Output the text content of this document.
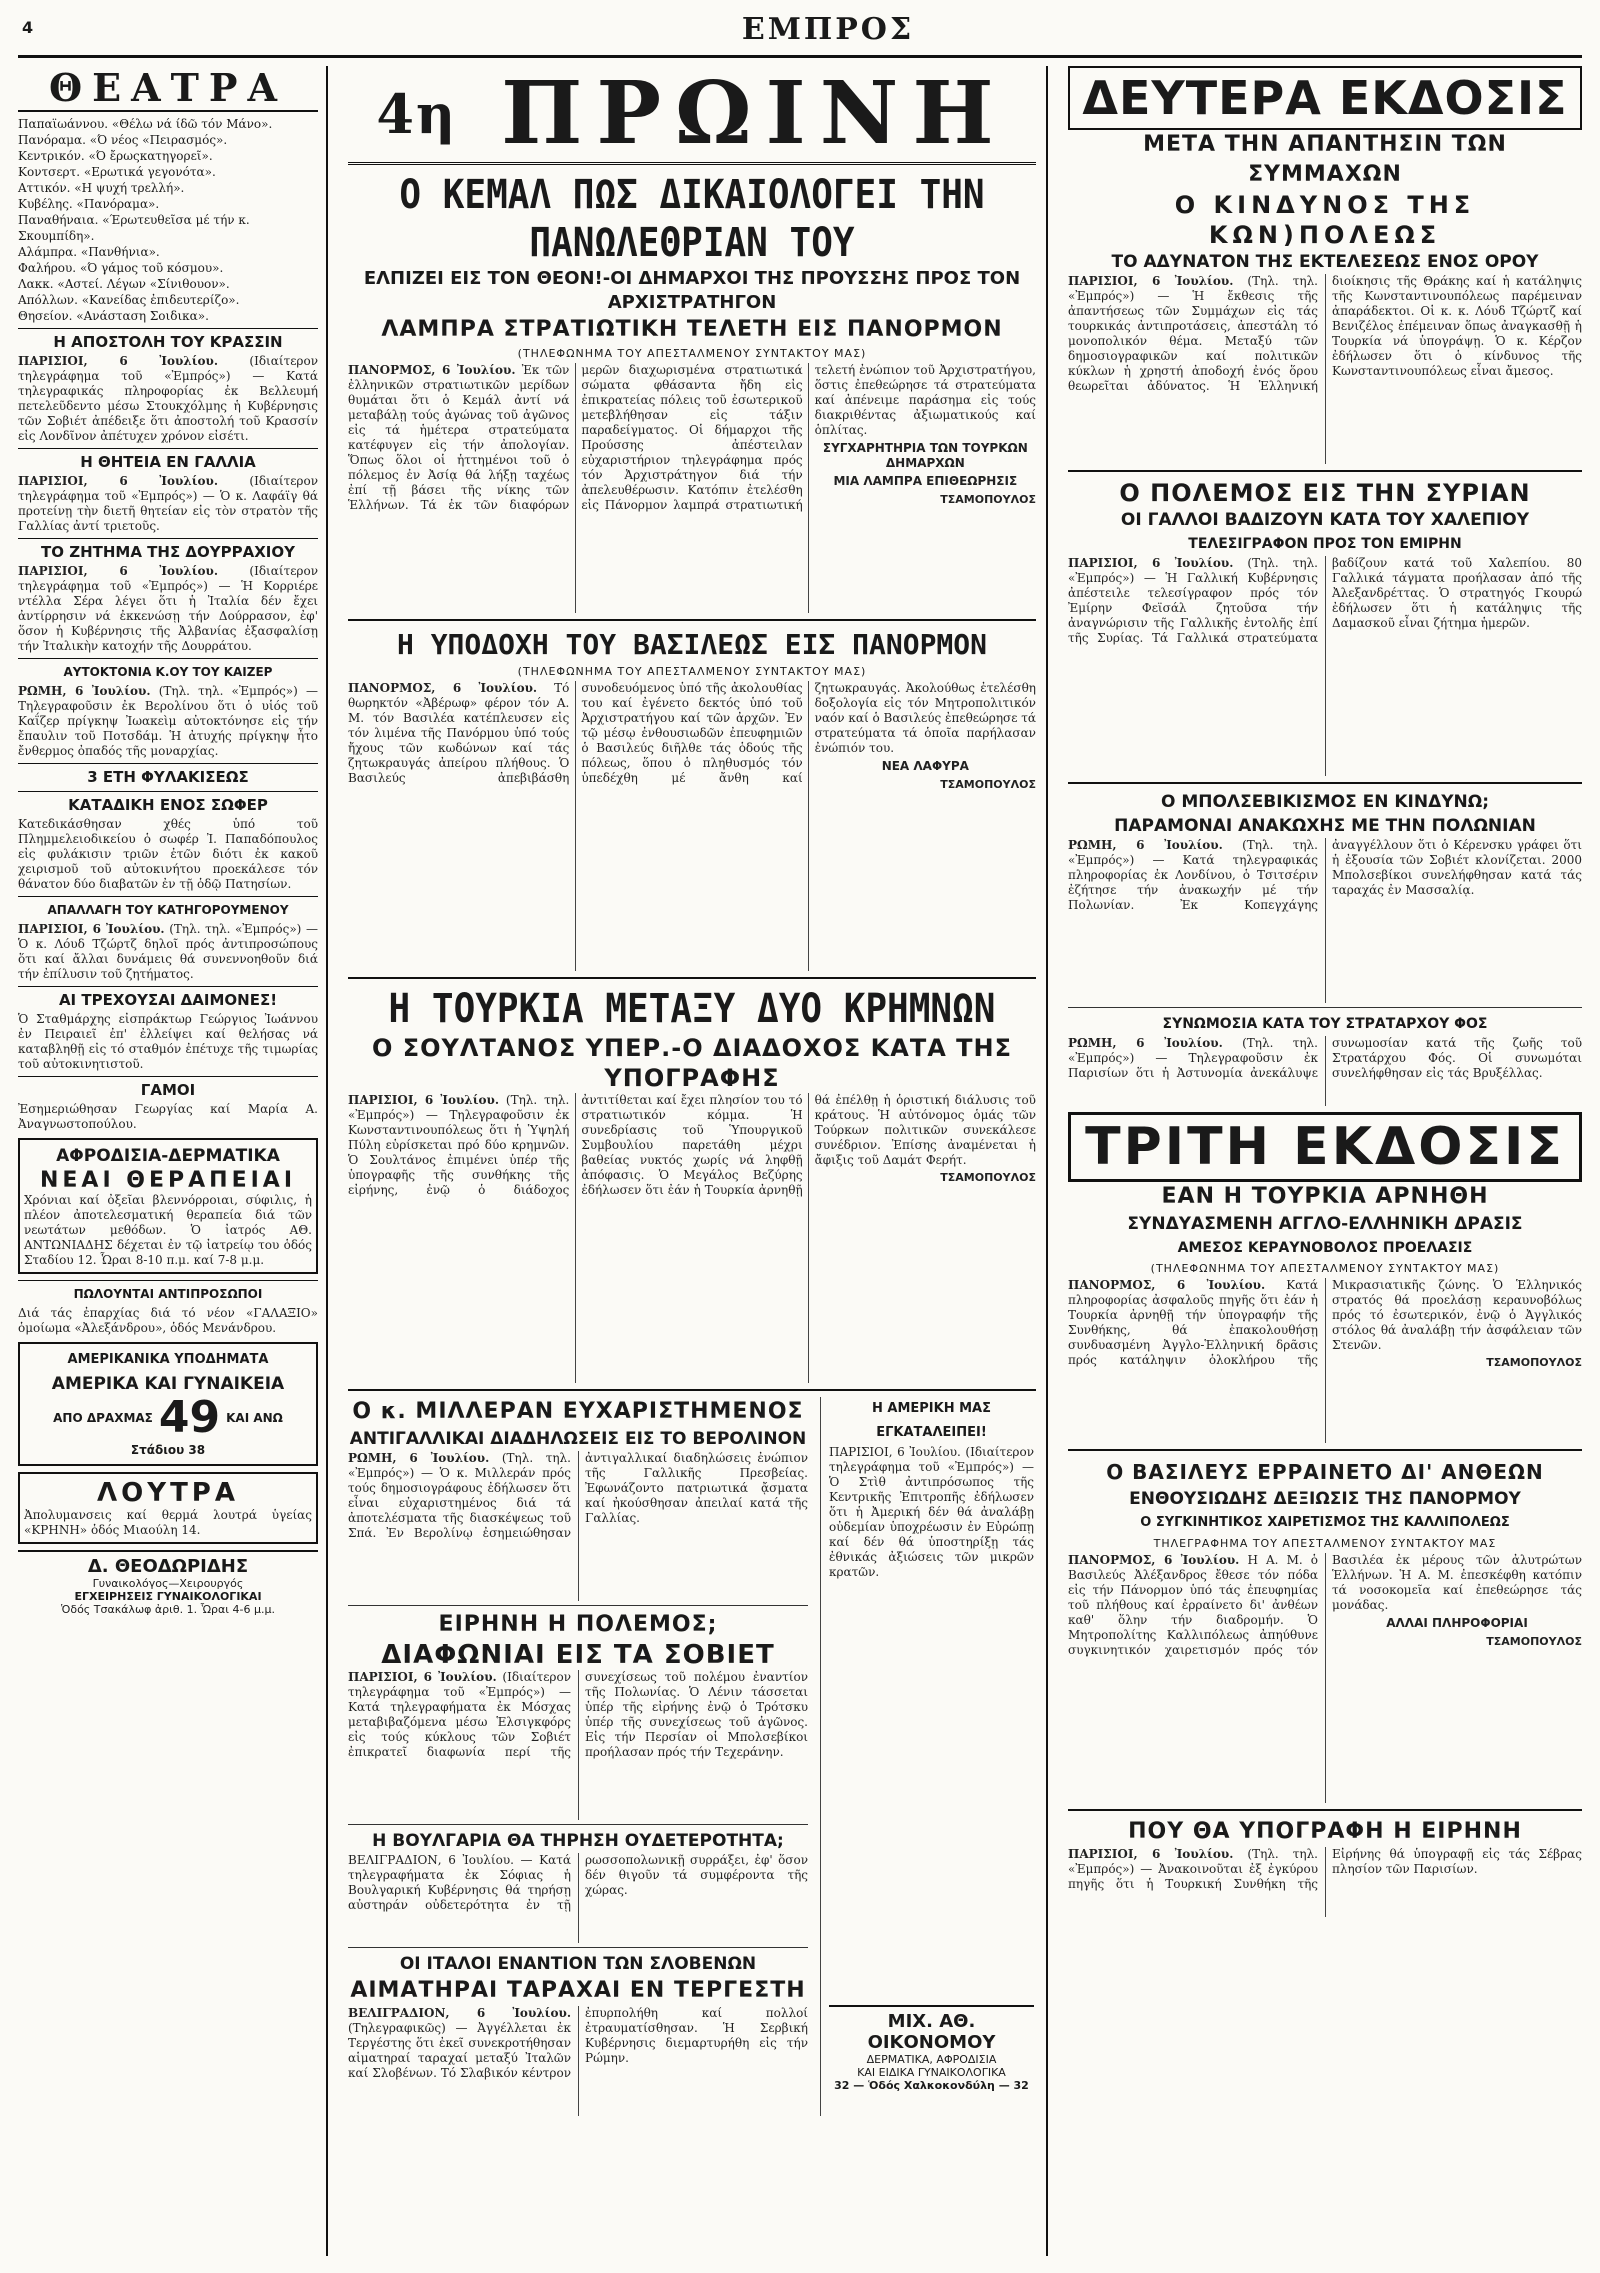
4	ΕΜΠΡΟΣ
ΘΕΑΤΡΑ
Παπαϊωάννου. «Θέλω νά ίδῶ τόν Μάνο».
Πανόραμα. «Ό νέος «Πειρασμός».
Κεντρικόν. «Ό ἔρωςκατηγορεῖ».
Κοντσερτ. «Ερωτικά γεγονότα».
Αττικόν. «Η ψυχή τρελλή».
Κυβέλης. «Πανόραμα».
Παναθήναια. «Έρωτευθεῖσα μέ τήν κ. Σκουμπίδη».
Αλάμπρα. «Πανθήνια».
Φαλήρου. «Ό γάμος τοῦ κόσμου».
Λακκ. «Αστεί. Λέγων «Σίνιθουον».
Απόλλων. «Κανείδας ἐπιδευτερίζο».
Θησείον. «Ανάσταση Σοιδικα».
Η ΑΠΟΣΤΟΛΗ ΤΟΥ ΚΡΑΣΣΙΝ
ΠΑΡΙΣΙΟΙ, 6 Ἰουλίου.	(Ιδιαίτερον τηλεγράφημα τοῦ «Ἐμπρός») — Κατά τηλεγραφικάς πληροφορίας ἐκ Βελλευμή πετελεῦδεντο μέσω Στουκχόλμης ἡ Κυβέρνησις τῶν Σοβιέτ ἀπέδειξε ὅτι ἀποστολή τοῦ Κρασσίν εἰς Λονδῖνον ἀπέτυχεν χρόνον εἰσέτι.
Η ΘΗΤΕΙΑ ΕΝ ΓΑΛΛΙΑ
ΠΑΡΙΣΙΟΙ, 6 Ἰουλίου.	(Ιδιαίτερον τηλεγράφημα τοῦ «Ἐμπρός») — Ὁ κ. Λαφάϊγ θά προτείνῃ τὴν διετῆ θητείαν εἰς τὸν στρατὸν τῆς Γαλλίας ἀντί τριετοῦς.
ΤΟ ΖΗΤΗΜΑ ΤΗΣ ΔΟΥΡΡΑΧΙΟΥ
ΠΑΡΙΣΙΟΙ, 6 Ἰουλίου.	(Ιδιαίτερον τηλεγράφημα τοῦ «Ἐμπρός») — Ἡ Κορριέρε ντέλλα Σέρα λέγει ὅτι ἡ Ἰταλία δέν ἔχει ἀντίρρησιν νά ἐκκενώσῃ τήν Δούρρασον, ἐφ' ὅσον ἡ Κυβέρνησις τῆς Ἀλβανίας ἐξασφαλίσῃ τήν Ἰταλικὴν κατοχήν τῆς Δουρράτου.
ΑΥΤΟΚΤΟΝΙΑ Κ.ΟΥ ΤΟΥ ΚΑΙΖΕΡ
ΡΩΜΗ, 6 Ἰουλίου. (Τηλ. τηλ. «Ἐμπρός») — Τηλεγραφοῦσιν ἐκ Βερολίνου ὅτι ὁ υἱός τοῦ Καΐζερ πρίγκηψ Ἰωακεὶμ αὐτοκτόνησε εἰς τήν ἔπαυλιν τοῦ Ποτσδάμ. Ἡ ἀτυχής πρίγκηψ ἦτο ἔνθερμος ὀπαδός τῆς μοναρχίας.
3 ΕΤΗ ΦΥΛΑΚΙΣΕΩΣ
ΚΑΤΑΔΙΚΗ ΕΝΟΣ ΣΩΦΕΡ
Κατεδικάσθησαν χθές ὑπό τοῦ Πλημμελειοδικείου ὁ σωφέρ Ἰ. Παπαδόπουλος εἰς φυλάκισιν τριῶν ἐτῶν διότι ἐκ κακοῦ χειρισμοῦ τοῦ αὐτοκινήτου προεκάλεσε τόν θάνατον δύο διαβατῶν ἐν τῇ ὁδῷ Πατησίων.
ΑΠΑΛΛΑΓΗ ΤΟΥ ΚΑΤΗΓΟΡΟΥΜΕΝΟΥ
ΠΑΡΙΣΙΟΙ, 6 Ἰουλίου. (Τηλ. τηλ. «Ἐμπρός») — Ὁ κ. Λόυδ Τζώρτζ δηλοῖ πρός ἀντιπροσώπους ὅτι καί ἄλλαι δυνάμεις θά συνεννοηθοῦν διά τήν ἐπίλυσιν τοῦ ζητήματος.
ΑΙ ΤΡΕΧΟΥΣΑΙ ΔΑΙΜΟΝΕΣ!
Ὁ Σταθμάρχης εἰσπράκτωρ Γεώργιος Ἰωάννου ἐν Πειραιεῖ ἐπ' ἐλλείψει καί θελήσας νά καταβληθῇ εἰς τό σταθμόν ἐπέτυχε τῆς τιμωρίας τοῦ αὐτοκινητιστοῦ.
ΓΑΜΟΙ
Ἐσημεριώθησαν Γεωργίας καί Μαρία Α. Ἀναγνωστοπούλου.
ΑΦΡΟΔΙΣΙΑ-ΔΕΡΜΑΤΙΚΑ
ΝΕΑΙ ΘΕΡΑΠΕΙΑΙ
Χρόνιαι καί ὀξεῖαι βλεννόρροιαι, σύφιλις, ἡ πλέον ἀποτελεσματική θεραπεία διά τῶν νεωτάτων μεθόδων. Ὁ ἰατρός ΑΘ. ΑΝΤΩΝΙΑΔΗΣ δέχεται ἐν τῷ ἰατρείῳ του ὁδός Σταδίου 12. Ὧραι 8-10 π.μ. καί 7-8 μ.μ.
ΠΩΛΟΥΝΤΑΙ ΑΝΤΙΠΡΟΣΩΠΟΙ
Διά τάς ἐπαρχίας διά τό νέον «ΓΑΛΑΞΙΟ» ὁμοίωμα «Ἀλεξάνδρου», ὁδός Μενάνδρου.
ΑΜΕΡΙΚΑΝΙΚΑ ΥΠΟΔΗΜΑΤΑ
ΑΜΕΡΙΚΑ ΚΑΙ ΓΥΝΑΙΚΕΙΑ
ΑΠΟ ΔΡΑΧΜΑΣ 49 ΚΑΙ ΑΝΩ
Στάδιου 38
ΛΟΥΤΡΑ
Ἀπολυμανσεις καί θερμά λουτρά ὑγείας «ΚΡΗΝΗ» ὁδός Μιαούλη 14.
Δ. ΘΕΟΔΩΡΙΔΗΣ
Γυναικολόγος—Χειρουργός
ΕΓΧΕΙΡΗΣΕΙΣ ΓΥΝΑΙΚΟΛΟΓΙΚΑΙ
Ὁδός Τσακάλωφ ἀριθ. 1. Ὧραι 4-6 μ.μ.
$^{4\eta}$ ΠΡΩΙΝΗ
Ο ΚΕΜΑΛ ΠΩΣ ΔΙΚΑΙΟΛΟΓΕΙ ΤΗΝ ΠΑΝΩΛΕΘΡΙΑΝ ΤΟΥ
ΕΛΠΙΖΕΙ ΕΙΣ ΤΟΝ ΘΕΟΝ!-ΟΙ ΔΗΜΑΡΧΟΙ ΤΗΣ ΠΡΟΥΣΣΗΣ ΠΡΟΣ ΤΟΝ ΑΡΧΙΣΤΡΑΤΗΓΟΝ
ΛΑΜΠΡΑ ΣΤΡΑΤΙΩΤΙΚΗ ΤΕΛΕΤΗ ΕΙΣ ΠΑΝΟΡΜΟΝ
(ΤΗΛΕΦΩΝΗΜΑ ΤΟΥ ΑΠΕΣΤΑΛΜΕΝΟΥ ΣΥΝΤΑΚΤΟΥ ΜΑΣ)
ΠΑΝΟΡΜΟΣ, 6 Ἰουλίου. Ἐκ τῶν ἐλληνικῶν στρατιωτικῶν μερίδων θυμάται ὅτι ὁ Κεμάλ ἀντί νά μεταβάλῃ τούς ἀγώνας τοῦ ἀγῶνος εἰς τά ἡμέτερα στρατεύματα κατέφυγεν εἰς τήν ἀπολογίαν. Ὅπως ὅλοι οἱ ἡττημένοι τοῦ ὁ πόλεμος ἐν Ἀσίᾳ θά λήξῃ ταχέως ἐπί τῇ βάσει τῆς νίκης τῶν Ἑλλήνων. Τά ἐκ τῶν διαφόρων μερῶν διαχωρισμένα στρατιωτικά σώματα φθάσαντα ἤδη εἰς ἐπικρατείας πόλεις τοῦ ἐσωτερικοῦ μετεβλήθησαν εἰς τάξιν παραδείγματος. Οἱ δήμαρχοι τῆς Προύσσης ἀπέστειλαν εὐχαριστήριον τηλεγράφημα πρός τόν Ἀρχιστράτηγον διά τήν ἀπελευθέρωσιν. Κατόπιν ἐτελέσθη εἰς Πάνορμον λαμπρά στρατιωτική τελετή ἐνώπιον τοῦ Ἀρχιστρατήγου, ὅστις ἐπεθεώρησε τά στρατεύματα καί ἀπένειμε παράσημα εἰς τούς διακριθέντας ἀξιωματικούς καί ὁπλίτας.
ΣΥΓΧΑΡΗΤΗΡΙΑ ΤΩΝ ΤΟΥΡΚΩΝ ΔΗΜΑΡΧΩΝ
ΜΙΑ ΛΑΜΠΡΑ ΕΠΙΘΕΩΡΗΣΙΣ
ΤΣΑΜΟΠΟΥΛΟΣ
Η ΥΠΟΔΟΧΗ ΤΟΥ ΒΑΣΙΛΕΩΣ ΕΙΣ ΠΑΝΟΡΜΟΝ
(ΤΗΛΕΦΩΝΗΜΑ ΤΟΥ ΑΠΕΣΤΑΛΜΕΝΟΥ ΣΥΝΤΑΚΤΟΥ ΜΑΣ)
ΠΑΝΟΡΜΟΣ, 6 Ἰουλίου. Τό θωρηκτόν «Ἀβέρωφ» φέρον τόν Α. Μ. τόν Βασιλέα κατέπλευσεν εἰς τόν λιμένα τῆς Πανόρμου ὑπό τούς ἤχους τῶν κωδώνων καί τάς ζητωκραυγάς ἀπείρου πλήθους. Ὁ Βασιλεύς ἀπεβιβάσθη συνοδευόμενος ὑπό τῆς ἀκολουθίας του καί ἐγένετο δεκτός ὑπό τοῦ Ἀρχιστρατήγου καί τῶν ἀρχῶν. Ἐν τῷ μέσῳ ἐνθουσιωδῶν ἐπευφημιῶν ὁ Βασιλεύς διῆλθε τάς ὁδούς τῆς πόλεως, ὅπου ὁ πληθυσμός τόν ὑπεδέχθη μέ ἄνθη καί ζητωκραυγάς. Ἀκολούθως ἐτελέσθη δοξολογία εἰς τόν Μητροπολιτικόν ναόν καί ὁ Βασιλεύς ἐπεθεώρησε τά στρατεύματα τά ὁποῖα παρήλασαν ἐνώπιόν του.
ΝΕΑ ΛΑΦΥΡΑ
ΤΣΑΜΟΠΟΥΛΟΣ
Η ΤΟΥΡΚΙΑ ΜΕΤΑΞΥ ΔΥΟ ΚΡΗΜΝΩΝ
Ο ΣΟΥΛΤΑΝΟΣ ΥΠΕΡ.-Ο ΔΙΑΔΟΧΟΣ ΚΑΤΑ ΤΗΣ ΥΠΟΓΡΑΦΗΣ
ΠΑΡΙΣΙΟΙ, 6 Ἰουλίου. (Τηλ. τηλ. «Ἐμπρός») — Τηλεγραφοῦσιν ἐκ Κωνσταντινουπόλεως ὅτι ἡ Ὑψηλή Πύλη εὑρίσκεται πρό δύο κρημνῶν. Ὁ Σουλτάνος ἐπιμένει ὑπέρ τῆς ὑπογραφῆς τῆς συνθήκης τῆς εἰρήνης, ἐνῷ ὁ διάδοχος ἀντιτίθεται καί ἔχει πλησίον του τό στρατιωτικόν κόμμα. Ἡ συνεδρίασις τοῦ Ὑπουργικοῦ Συμβουλίου παρετάθη μέχρι βαθείας νυκτός χωρίς νά ληφθῇ ἀπόφασις. Ὁ Μεγάλος Βεζύρης ἐδήλωσεν ὅτι ἐάν ἡ Τουρκία ἀρνηθῇ θά ἐπέλθῃ ἡ ὁριστική διάλυσις τοῦ κράτους. Ἡ αὐτόνομος ὁμάς τῶν Τούρκων πολιτικῶν συνεκάλεσε συνέδριον. Ἐπίσης ἀναμένεται ἡ ἄφιξις τοῦ Δαμάτ Φερήτ.
ΤΣΑΜΟΠΟΥΛΟΣ
Ο κ. ΜΙΛΛΕΡΑΝ ΕΥΧΑΡΙΣΤΗΜΕΝΟΣ
ΑΝΤΙΓΑΛΛΙΚΑΙ ΔΙΑΔΗΛΩΣΕΙΣ ΕΙΣ ΤΟ ΒΕΡΟΛΙΝΟΝ
ΡΩΜΗ, 6 Ἰουλίου. (Τηλ. τηλ. «Ἐμπρός») — Ὁ κ. Μιλλεράν πρός τούς δημοσιογράφους ἐδήλωσεν ὅτι εἶναι εὐχαριστημένος διά τά ἀποτελέσματα τῆς διασκέψεως τοῦ Σπά. Ἐν Βερολίνῳ ἐσημειώθησαν ἀντιγαλλικαί διαδηλώσεις ἐνώπιον τῆς Γαλλικῆς Πρεσβείας. Ἐφωνάζοντο πατριωτικά ᾄσματα καί ἠκούσθησαν ἀπειλαί κατά τῆς Γαλλίας.
ΕΙΡΗΝΗ Η ΠΟΛΕΜΟΣ;
ΔΙΑΦΩΝΙΑΙ ΕΙΣ ΤΑ ΣΟΒΙΕΤ
ΠΑΡΙΣΙΟΙ, 6 Ἰουλίου. (Ιδιαίτερον τηλεγράφημα τοῦ «Ἐμπρός») — Κατά τηλεγραφήματα ἐκ Μόσχας μεταβιβαζόμενα μέσω Ἑλσιγκφόρς εἰς τούς κύκλους τῶν Σοβιέτ ἐπικρατεῖ διαφωνία περί τῆς συνεχίσεως τοῦ πολέμου ἐναντίον τῆς Πολωνίας. Ὁ Λένιν τάσσεται ὑπέρ τῆς εἰρήνης ἐνῷ ὁ Τρότσκυ ὑπέρ τῆς συνεχίσεως τοῦ ἀγῶνος. Εἰς τήν Περσίαν οἱ Μπολσεβίκοι προήλασαν πρός τήν Τεχεράνην.
Η ΒΟΥΛΓΑΡΙΑ ΘΑ ΤΗΡΗΣΗ ΟΥΔΕΤΕΡΟΤΗΤΑ;
ΒΕΛΙΓΡΑΔΙΟΝ, 6 Ἰουλίου. — Κατά τηλεγραφήματα ἐκ Σόφιας ἡ Βουλγαρική Κυβέρνησις θά τηρήσῃ αὐστηράν οὐδετερότητα ἐν τῇ ρωσσοπολωνικῇ συρράξει, ἐφ' ὅσον δέν θιγοῦν τά συμφέροντα τῆς χώρας.
ΟΙ ΙΤΑΛΟΙ ΕΝΑΝΤΙΟΝ ΤΩΝ ΣΛΟΒΕΝΩΝ
ΑΙΜΑΤΗΡΑΙ ΤΑΡΑΧΑΙ ΕΝ ΤΕΡΓΕΣΤΗ
ΒΕΛΙΓΡΑΔΙΟΝ, 6 Ἰουλίου. (Τηλεγραφικῶς) — Ἀγγέλλεται ἐκ Τεργέστης ὅτι ἐκεῖ συνεκροτήθησαν αἱματηραί ταραχαί μεταξύ Ἰταλῶν καί Σλοβένων. Τό Σλαβικόν κέντρον ἐπυρπολήθη καί πολλοί ἐτραυματίσθησαν. Ἡ Σερβική Κυβέρνησις διεμαρτυρήθη εἰς τήν Ρώμην.
Η ΑΜΕΡΙΚΗ ΜΑΣ ΕΓΚΑΤΑΛΕΙΠΕΙ!
ΠΑΡΙΣΙΟΙ, 6 Ἰουλίου. (Ιδιαίτερον τηλεγράφημα τοῦ «Ἐμπρός») — Ὁ Στὶθ ἀντιπρόσωπος τῆς Κεντρικῆς Ἐπιτροπῆς ἐδήλωσεν ὅτι ἡ Ἀμερική δέν θά ἀναλάβῃ οὐδεμίαν ὑποχρέωσιν ἐν Εὐρώπῃ καί δέν θά ὑποστηρίξῃ τάς ἐθνικάς ἀξιώσεις τῶν μικρῶν κρατῶν.
ΜΙΧ. ΑΘ. ΟΙΚΟΝΟΜΟΥ
ΔΕΡΜΑΤΙΚΑ, ΑΦΡΟΔΙΣΙΑ
ΚΑΙ ΕΙΔΙΚΑ ΓΥΝΑΙΚΟΛΟΓΙΚΑ
32 — Ὁδός Χαλκοκονδύλη — 32
ΔΕΥΤΕΡΑ ΕΚΔΟΣΙΣ
ΜΕΤΑ ΤΗΝ ΑΠΑΝΤΗΣΙΝ ΤΩΝ ΣΥΜΜΑΧΩΝ
Ο ΚΙΝΔΥΝΟΣ ΤΗΣ ΚΩΝ)ΠΟΛΕΩΣ
ΤΟ ΑΔΥΝΑΤΟΝ ΤΗΣ ΕΚΤΕΛΕΣΕΩΣ ΕΝΟΣ ΟΡΟΥ
ΠΑΡΙΣΙΟΙ, 6 Ἰουλίου. (Τηλ. τηλ. «Ἐμπρός») — Ἡ ἔκθεσις τῆς ἀπαντήσεως τῶν Συμμάχων εἰς τάς τουρκικάς ἀντιπροτάσεις, ἀπεστάλη τό μονοπολικόν θέμα. Μεταξύ τῶν δημοσιογραφικῶν καί πολιτικῶν κύκλων ἡ χρηστή ἀποδοχή ἐνός ὅρου θεωρεῖται ἀδύνατος. Ἡ Ἑλληνική διοίκησις τῆς Θράκης καί ἡ κατάληψις τῆς Κωνσταντινουπόλεως παρέμειναν ἀπαράδεκτοι. Οἱ κ. κ. Λόυδ Τζώρτζ καί Βενιζέλος ἐπέμειναν ὅπως ἀναγκασθῇ ἡ Τουρκία νά ὑπογράψῃ. Ὁ κ. Κέρζον ἐδήλωσεν ὅτι ὁ κίνδυνος τῆς Κωνσταντινουπόλεως εἶναι ἄμεσος.
Ο ΠΟΛΕΜΟΣ ΕΙΣ ΤΗΝ ΣΥΡΙΑΝ
ΟΙ ΓΑΛΛΟΙ ΒΑΔΙΖΟΥΝ ΚΑΤΑ ΤΟΥ ΧΑΛΕΠΙΟΥ
ΤΕΛΕΣΙΓΡΑΦΟΝ ΠΡΟΣ ΤΟΝ ΕΜΙΡΗΝ
ΠΑΡΙΣΙΟΙ, 6 Ἰουλίου. (Τηλ. τηλ. «Ἐμπρός») — Ἡ Γαλλική Κυβέρνησις ἀπέστειλε τελεσίγραφον πρός τόν Ἐμίρην Φεϊσάλ ζητοῦσα τήν ἀναγνώρισιν τῆς Γαλλικῆς ἐντολῆς ἐπί τῆς Συρίας. Τά Γαλλικά στρατεύματα βαδίζουν κατά τοῦ Χαλεπίου. 80 Γαλλικά τάγματα προήλασαν ἀπό τῆς Ἀλεξανδρέττας. Ὁ στρατηγός Γκουρώ ἐδήλωσεν ὅτι ἡ κατάληψις τῆς Δαμασκοῦ εἶναι ζήτημα ἡμερῶν.
Ο ΜΠΟΛΣΕΒΙΚΙΣΜΟΣ ΕΝ ΚΙΝΔΥΝΩ;
ΠΑΡΑΜΟΝΑΙ ΑΝΑΚΩΧΗΣ ΜΕ ΤΗΝ ΠΟΛΩΝΙΑΝ
ΡΩΜΗ, 6 Ἰουλίου. (Τηλ. τηλ. «Ἐμπρός») — Κατά τηλεγραφικάς πληροφορίας ἐκ Λονδίνου, ὁ Τσιτσέριν ἐζήτησε τήν ἀνακωχήν μέ τήν Πολωνίαν. Ἐκ Κοπεγχάγης ἀναγγέλλουν ὅτι ὁ Κέρενσκυ γράφει ὅτι ἡ ἐξουσία τῶν Σοβιέτ κλονίζεται. 2000 Μπολσεβίκοι συνελήφθησαν κατά τάς ταραχάς ἐν Μασσαλίᾳ.
ΣΥΝΩΜΟΣΙΑ ΚΑΤΑ ΤΟΥ ΣΤΡΑΤΑΡΧΟΥ ΦΟΣ
ΡΩΜΗ, 6 Ἰουλίου. (Τηλ. τηλ. «Ἐμπρός») — Τηλεγραφοῦσιν ἐκ Παρισίων ὅτι ἡ Ἀστυνομία ἀνεκάλυψε συνωμοσίαν κατά τῆς ζωῆς τοῦ Στρατάρχου Φός. Οἱ συνωμόται συνελήφθησαν εἰς τάς Βρυξέλλας.
ΤΡΙΤΗ ΕΚΔΟΣΙΣ
ΕΑΝ Η ΤΟΥΡΚΙΑ ΑΡΝΗΘΗ
ΣΥΝΔΥΑΣΜΕΝΗ ΑΓΓΛΟ-ΕΛΛΗΝΙΚΗ ΔΡΑΣΙΣ
ΑΜΕΣΟΣ ΚΕΡΑΥΝΟΒΟΛΟΣ ΠΡΟΕΛΑΣΙΣ
(ΤΗΛΕΦΩΝΗΜΑ ΤΟΥ ΑΠΕΣΤΑΛΜΕΝΟΥ ΣΥΝΤΑΚΤΟΥ ΜΑΣ)
ΠΑΝΟΡΜΟΣ, 6 Ἰουλίου. Κατά πληροφορίας ἀσφαλοῦς πηγῆς ὅτι ἐάν ἡ Τουρκία ἀρνηθῇ τήν ὑπογραφήν τῆς Συνθήκης, θά ἐπακολουθήσῃ συνδυασμένη Ἀγγλο-Ἑλληνική δρᾶσις πρός κατάληψιν ὁλοκλήρου τῆς Μικρασιατικῆς ζώνης. Ὁ Ἑλληνικός στρατός θά προελάσῃ κεραυνοβόλως πρός τό ἐσωτερικόν, ἐνῷ ὁ Ἀγγλικός στόλος θά ἀναλάβῃ τήν ἀσφάλειαν τῶν Στενῶν.
ΤΣΑΜΟΠΟΥΛΟΣ
Ο ΒΑΣΙΛΕΥΣ ΕΡΡΑΙΝΕΤΟ ΔΙ' ΑΝΘΕΩΝ
ΕΝΘΟΥΣΙΩΔΗΣ ΔΕΞΙΩΣΙΣ ΤΗΣ ΠΑΝΟΡΜΟΥ
Ο ΣΥΓΚΙΝΗΤΙΚΟΣ ΧΑΙΡΕΤΙΣΜΟΣ ΤΗΣ ΚΑΛΛΙΠΟΛΕΩΣ
ΤΗΛΕΓΡΑΦΗΜΑ ΤΟΥ ΑΠΕΣΤΑΛΜΕΝΟΥ ΣΥΝΤΑΚΤΟΥ ΜΑΣ
ΠΑΝΟΡΜΟΣ, 6 Ἰουλίου. Η Α. Μ. ὁ Βασιλεύς Ἀλέξανδρος ἔθεσε τόν πόδα εἰς τήν Πάνορμον ὑπό τάς ἐπευφημίας τοῦ πλήθους καί ἐρραίνετο δι' ἀνθέων καθ' ὅλην τήν διαδρομήν. Ὁ Μητροπολίτης Καλλιπόλεως ἀπηύθυνε συγκινητικόν χαιρετισμόν πρός τόν Βασιλέα ἐκ μέρους τῶν ἀλυτρώτων Ἑλλήνων. Ἡ Α. Μ. ἐπεσκέφθη κατόπιν τά νοσοκομεῖα καί ἐπεθεώρησε τάς μονάδας.
ΑΛΛΑΙ ΠΛΗΡΟΦΟΡΙΑΙ
ΤΣΑΜΟΠΟΥΛΟΣ
ΠΟΥ ΘΑ ΥΠΟΓΡΑΦΗ Η ΕΙΡΗΝΗ
ΠΑΡΙΣΙΟΙ, 6 Ἰουλίου. (Τηλ. τηλ. «Ἐμπρός») — Ἀνακοινοῦται ἐξ ἐγκύρου πηγῆς ὅτι ἡ Τουρκική Συνθήκη τῆς Εἰρήνης θά ὑπογραφῇ εἰς τάς Σέβρας πλησίον τῶν Παρισίων.
